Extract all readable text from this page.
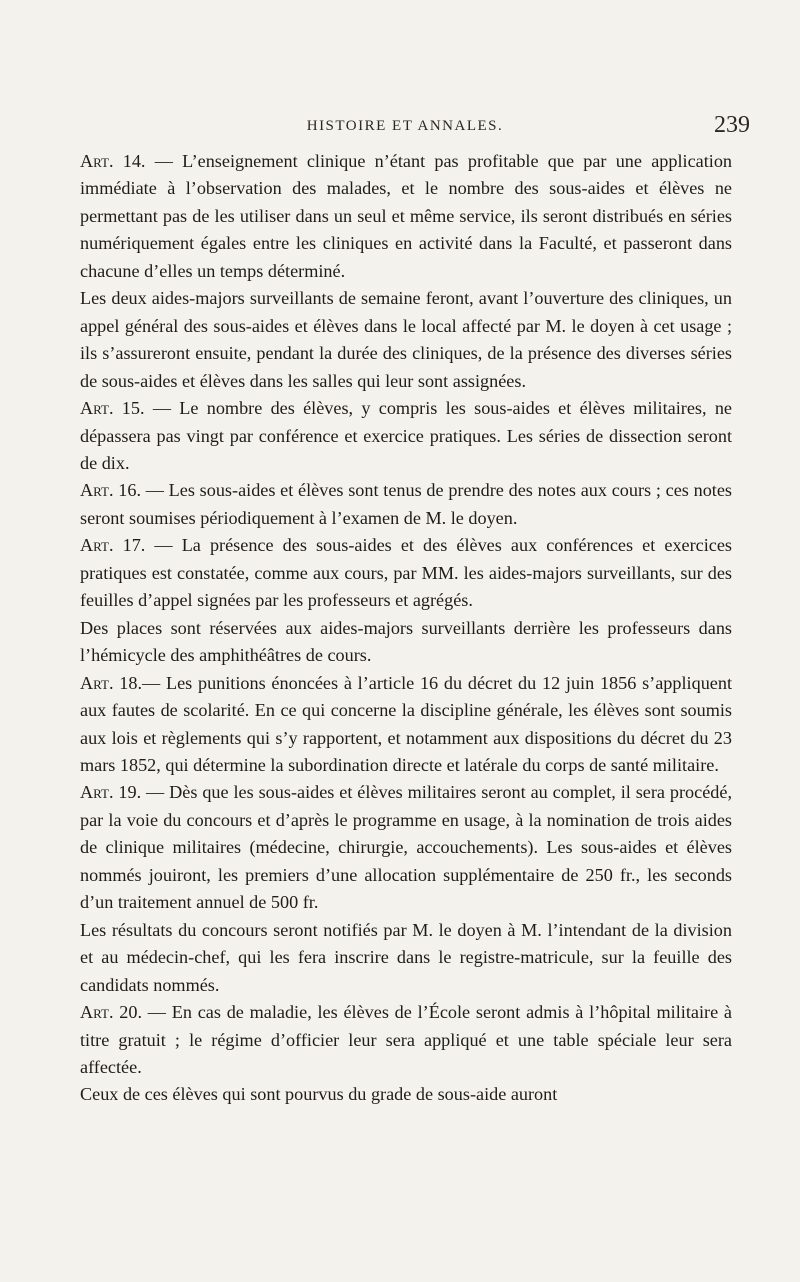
HISTOIRE ET ANNALES.	239

Art. 14. — L’enseignement clinique n’étant pas profitable que par une application immédiate à l’observation des malades, et le nombre des sous-aides et élèves ne permettant pas de les utiliser dans un seul et même service, ils seront distribués en séries numériquement égales entre les cliniques en activité dans la Faculté, et passeront dans chacune d’elles un temps déterminé.

Les deux aides-majors surveillants de semaine feront, avant l’ouverture des cliniques, un appel général des sous-aides et élèves dans le local affecté par M. le doyen à cet usage ; ils s’assureront ensuite, pendant la durée des cliniques, de la présence des diverses séries de sous-aides et élèves dans les salles qui leur sont assignées.

Art. 15. — Le nombre des élèves, y compris les sous-aides et élèves militaires, ne dépassera pas vingt par conférence et exercice pratiques. Les séries de dissection seront de dix.

Art. 16. — Les sous-aides et élèves sont tenus de prendre des notes aux cours ; ces notes seront soumises périodiquement à l’examen de M. le doyen.

Art. 17. — La présence des sous-aides et des élèves aux conférences et exercices pratiques est constatée, comme aux cours, par MM. les aides-majors surveillants, sur des feuilles d’appel signées par les professeurs et agrégés.

Des places sont réservées aux aides-majors surveillants derrière les professeurs dans l’hémicycle des amphithéâtres de cours.

Art. 18.— Les punitions énoncées à l’article 16 du décret du 12 juin 1856 s’appliquent aux fautes de scolarité. En ce qui concerne la discipline générale, les élèves sont soumis aux lois et règlements qui s’y rapportent, et notamment aux dispositions du décret du 23 mars 1852, qui détermine la subordination directe et latérale du corps de santé militaire.

Art. 19. — Dès que les sous-aides et élèves militaires seront au complet, il sera procédé, par la voie du concours et d’après le programme en usage, à la nomination de trois aides de clinique militaires (médecine, chirurgie, accouchements). Les sous-aides et élèves nommés jouiront, les premiers d’une allocation supplémentaire de 250 fr., les seconds d’un traitement annuel de 500 fr.

Les résultats du concours seront notifiés par M. le doyen à M. l’intendant de la division et au médecin-chef, qui les fera inscrire dans le registre-matricule, sur la feuille des candidats nommés.

Art. 20. — En cas de maladie, les élèves de l’École seront admis à l’hôpital militaire à titre gratuit ; le régime d’officier leur sera appliqué et une table spéciale leur sera affectée.

Ceux de ces élèves qui sont pourvus du grade de sous-aide auront
